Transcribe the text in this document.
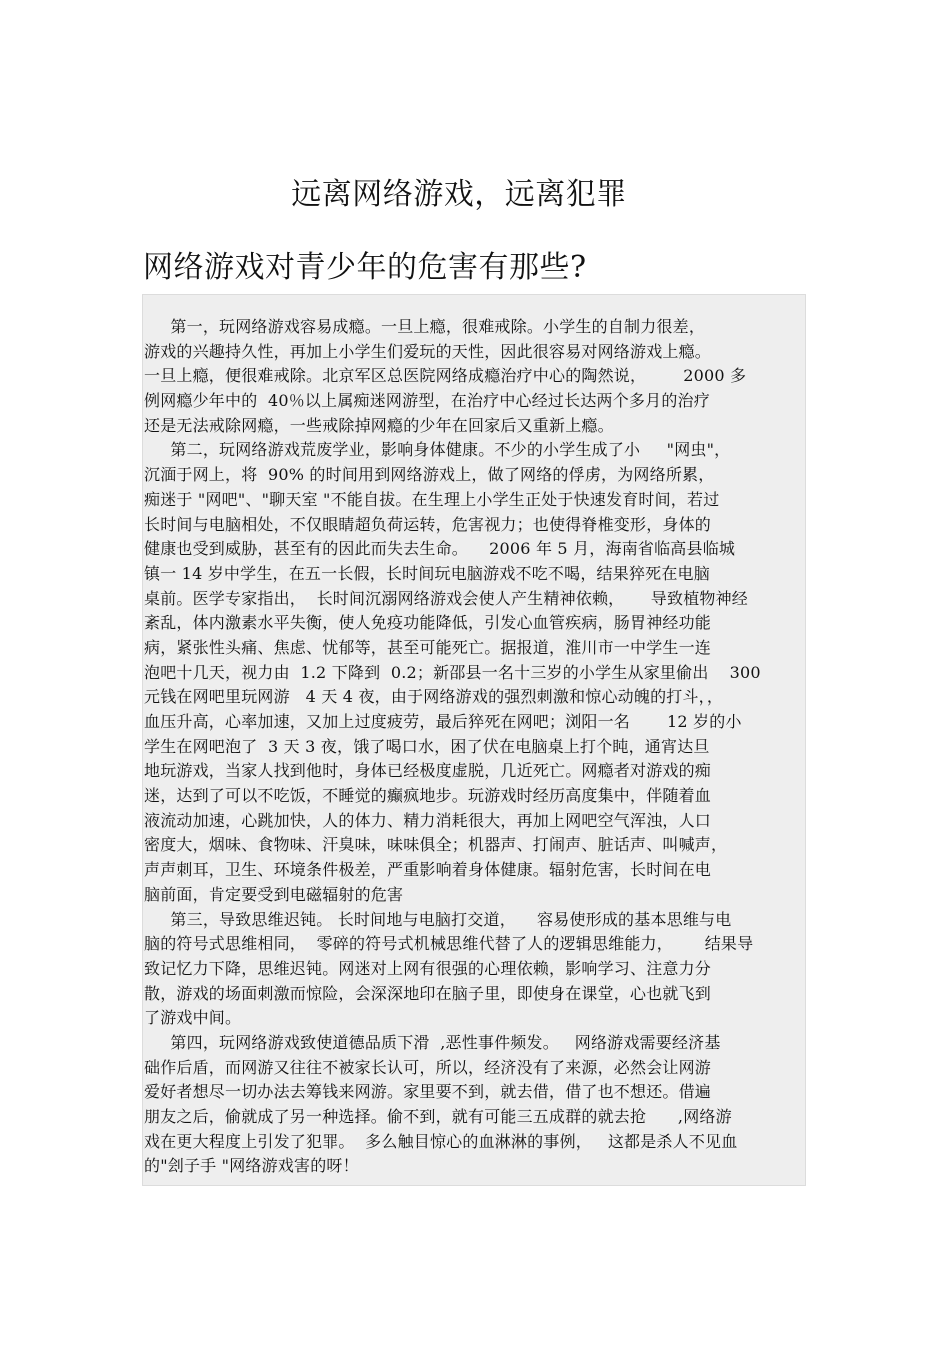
远离网络游戏，远离犯罪
网络游戏对青少年的危害有那些?
第一，玩网络游戏容易成瘾。一旦上瘾，很难戒除。小学生的自制力很差，
游戏的兴趣持久性，再加上小学生们爱玩的天性，因此很容易对网络游戏上瘾。
一旦上瘾，便很难戒除。北京军区总医院网络成瘾治疗中心的陶然说，       2000 多
例网瘾少年中的  40％以上属痴迷网游型，在治疗中心经过长达两个多月的治疗
还是无法戒除网瘾，一些戒除掉网瘾的少年在回家后又重新上瘾。
第二，玩网络游戏荒废学业，影响身体健康。不少的小学生成了小     "网虫"，
沉湎于网上，将  90% 的时间用到网络游戏上，做了网络的俘虏，为网络所累，
痴迷于 "网吧"、"聊天室 "不能自拔。在生理上小学生正处于快速发育时间，若过
长时间与电脑相处，不仅眼睛超负荷运转，危害视力；也使得脊椎变形，身体的
健康也受到威胁，甚至有的因此而失去生命。    2006 年 5 月，海南省临高县临城
镇一 14 岁中学生，在五一长假，长时间玩电脑游戏不吃不喝，结果猝死在电脑
桌前。医学专家指出，  长时间沉溺网络游戏会使人产生精神依赖，     导致植物神经
紊乱，体内激素水平失衡，使人免疫功能降低，引发心血管疾病，肠胃神经功能
病，紧张性头痛、焦虑、忧郁等，甚至可能死亡。据报道，淮川市一中学生一连
泡吧十几天，视力由  1.2 下降到  0.2；新邵县一名十三岁的小学生从家里偷出    300
元钱在网吧里玩网游   4 天 4 夜，由于网络游戏的强烈刺激和惊心动魄的打斗，，
血压升高，心率加速，又加上过度疲劳，最后猝死在网吧；浏阳一名       12 岁的小
学生在网吧泡了  3 天 3 夜，饿了喝口水，困了伏在电脑桌上打个盹，通宵达旦
地玩游戏，当家人找到他时，身体已经极度虚脱，几近死亡。网瘾者对游戏的痴
迷，达到了可以不吃饭，不睡觉的癫疯地步。玩游戏时经历高度集中，伴随着血
液流动加速，心跳加快，人的体力、精力消耗很大，再加上网吧空气浑浊，人口
密度大，烟味、食物味、汗臭味，味味俱全；机器声、打闹声、脏话声、叫喊声，
声声刺耳，卫生、环境条件极差，严重影响着身体健康。辐射危害，长时间在电
脑前面，肯定要受到电磁辐射的危害
第三，导致思维迟钝。 长时间地与电脑打交道，    容易使形成的基本思维与电
脑的符号式思维相同，  零碎的符号式机械思维代替了人的逻辑思维能力，      结果导
致记忆力下降，思维迟钝。网迷对上网有很强的心理依赖，影响学习、注意力分
散，游戏的场面刺激而惊险，会深深地印在脑子里，即使身在课堂，心也就飞到
了游戏中间。
第四，玩网络游戏致使道德品质下滑  ,恶性事件频发。   网络游戏需要经济基
础作后盾，而网游又往往不被家长认可，所以，经济没有了来源，必然会让网游
爱好者想尽一切办法去筹钱来网游。家里要不到，就去借，借了也不想还。借遍
朋友之后，偷就成了另一种选择。偷不到，就有可能三五成群的就去抢      ,网络游
戏在更大程度上引发了犯罪。  多么触目惊心的血淋淋的事例，   这都是杀人不见血
的"刽子手 "网络游戏害的呀！
